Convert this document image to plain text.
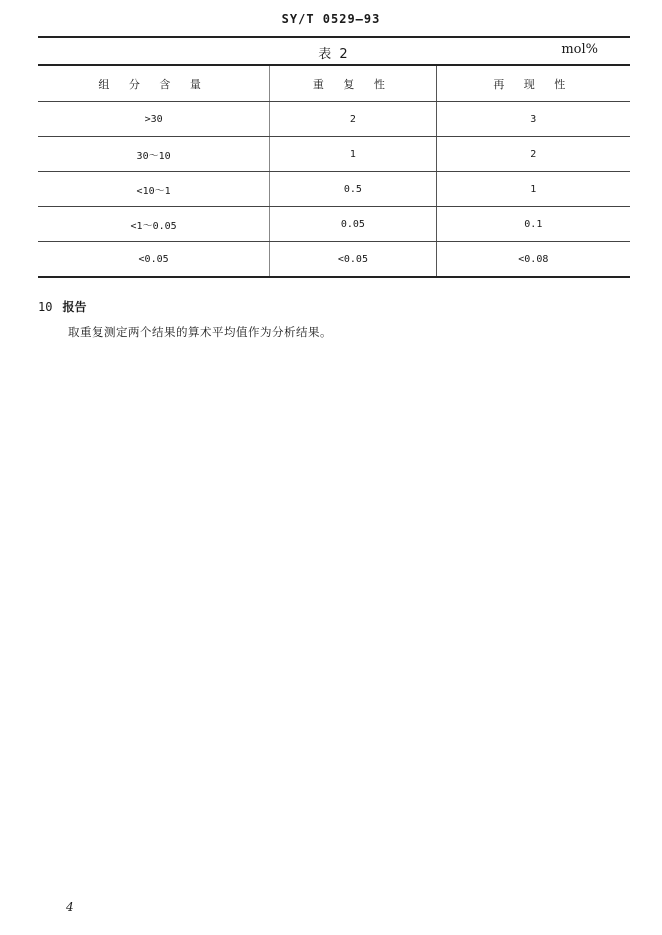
SY/T 0529—93
表 2	mol%
组 分 含 量	重 复 性	再 现 性
>30	2	3
30～10	1	2
<10～1	0.5	1
<1～0.05	0.05	0.1
<0.05	<0.05	<0.08
10 报告
取重复测定两个结果的算术平均值作为分析结果。
4
